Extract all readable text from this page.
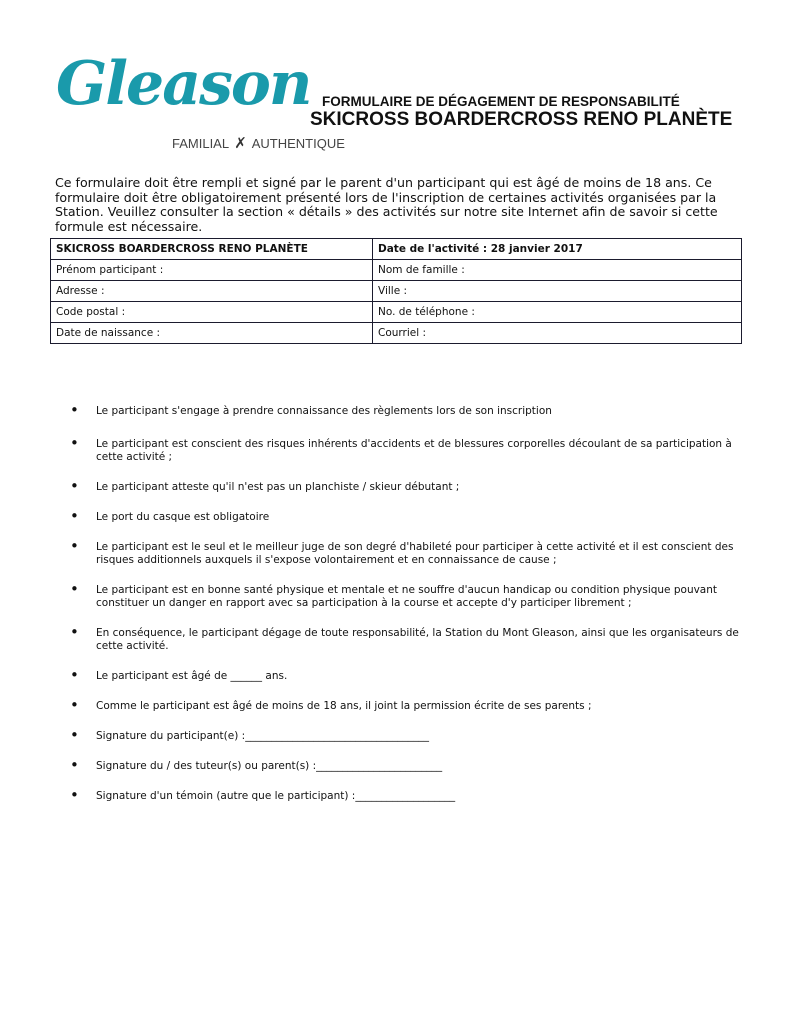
Gleason
FAMILIAL ✗ AUTHENTIQUE
FORMULAIRE DE DÉGAGEMENT DE RESPONSABILITÉ
SKICROSS BOARDERCROSS RENO PLANÈTE
Ce formulaire doit être rempli et signé par le parent d'un participant qui est âgé de moins de 18 ans. Ce formulaire doit être obligatoirement présenté lors de l'inscription de certaines activités organisées par la Station. Veuillez consulter la section « détails » des activités sur notre site Internet afin de savoir si cette formule est nécessaire.
SKICROSS BOARDERCROSS RENO PLANÈTE	Date de l'activité : 28 janvier 2017
Prénom participant :	Nom de famille :
Adresse :	Ville :
Code postal :	No. de téléphone :
Date de naissance :	Courriel :
• Le participant s'engage à prendre connaissance des règlements lors de son inscription
• Le participant est conscient des risques inhérents d'accidents et de blessures corporelles découlant de sa participation à cette activité ;
• Le participant atteste qu'il n'est pas un planchiste / skieur débutant ;
• Le port du casque est obligatoire
• Le participant est le seul et le meilleur juge de son degré d'habileté pour participer à cette activité et il est conscient des risques additionnels auxquels il s'expose volontairement et en connaissance de cause ;
• Le participant est en bonne santé physique et mentale et ne souffre d'aucun handicap ou condition physique pouvant constituer un danger en rapport avec sa participation à la course et accepte d'y participer librement ;
• En conséquence, le participant dégage de toute responsabilité, la Station du Mont Gleason, ainsi que les organisateurs de cette activité.
• Le participant est âgé de ______ ans.
• Comme le participant est âgé de moins de 18 ans, il joint la permission écrite de ses parents ;
• Signature du participant(e) :___________________________________
• Signature du / des tuteur(s) ou parent(s) :________________________
• Signature d'un témoin (autre que le participant) :___________________
